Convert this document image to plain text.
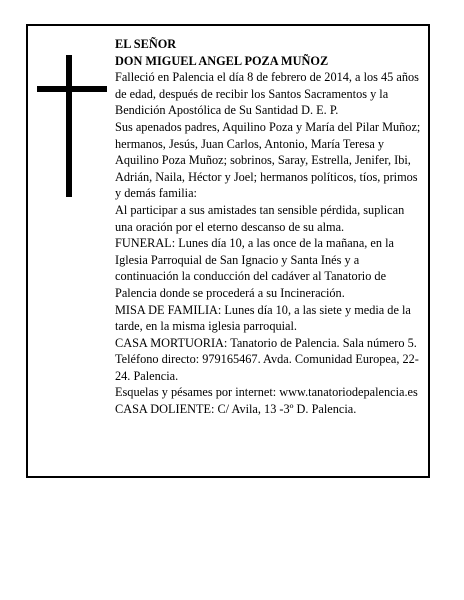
EL SEÑOR

DON MIGUEL ANGEL POZA MUÑOZ

Falleció en Palencia el día 8 de febrero de 2014, a los 45 años de edad, después de recibir los Santos Sacramentos y la Bendición Apostólica de Su Santidad D. E. P.

Sus apenados padres, Aquilino Poza y María del Pilar Muñoz; hermanos, Jesús, Juan Carlos, Antonio, María Teresa y Aquilino Poza Muñoz; sobrinos, Saray, Estrella, Jenifer, Ibi, Adrián, Naila, Héctor y Joel; hermanos políticos, tíos, primos y demás familia:

Al participar a sus amistades tan sensible pérdida, suplican una oración por el eterno descanso de su alma.

FUNERAL: Lunes día 10, a las once de la mañana, en la Iglesia Parroquial de San Ignacio y Santa Inés y a continuación la conducción del cadáver al Tanatorio de Palencia donde se procederá a su Incineración.

MISA DE FAMILIA: Lunes día 10, a las siete y media de la tarde, en la misma iglesia parroquial.

CASA MORTUORIA: Tanatorio de Palencia. Sala número 5. Teléfono directo: 979165467. Avda. Comunidad Europea, 22-24. Palencia.

Esquelas y pésames por internet: www.tanatoriodepalencia.es

CASA DOLIENTE: C/ Avila, 13 -3º D. Palencia.
